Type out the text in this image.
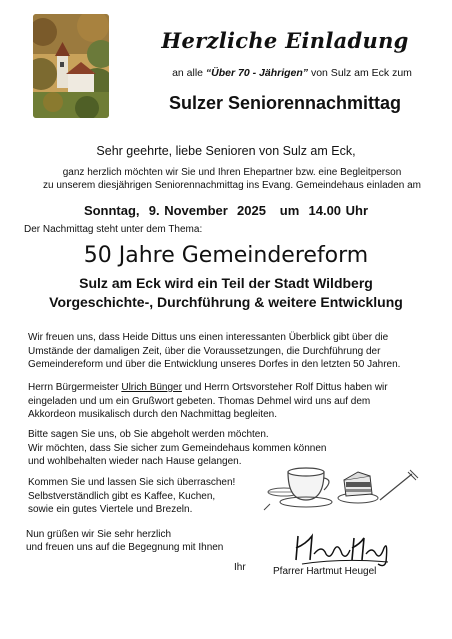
Herzliche Einladung
an alle “Über 70 - Jährigen” von Sulz am Eck zum
Sulzer Seniorennachmittag
Sehr geehrte, liebe Senioren von Sulz am Eck,
ganz herzlich möchten wir Sie und Ihren Ehepartner bzw. eine Begleitperson
zu unserem diesjährigen Seniorennachmittag ins Evang. Gemeindehaus einladen am
Sonntag,  9. November  2025   um  14.00 Uhr
Der Nachmittag steht unter dem Thema:
50 Jahre Gemeindereform
Sulz am Eck wird ein Teil der Stadt Wildberg
Vorgeschichte-, Durchführung & weitere Entwicklung
Wir freuen uns, dass Heide Dittus uns einen interessanten Überblick gibt über die
Umstände der damaligen Zeit, über die Voraussetzungen, die Durchführung der
Gemeindereform und über die Entwicklung unseres Dorfes in den letzten 50 Jahren.
Herrn Bürgermeister Ulrich Bünger und Herrn Ortsvorsteher Rolf Dittus haben wir
eingeladen und um ein Grußwort gebeten. Thomas Dehmel wird uns auf dem
Akkordeon musikalisch durch den Nachmittag begleiten.
Bitte sagen Sie uns, ob Sie abgeholt werden möchten.
Wir möchten, dass Sie sicher zum Gemeindehaus kommen können
und wohlbehalten wieder nach Hause gelangen.
Kommen Sie und lassen Sie sich überraschen!
Selbstverständlich gibt es Kaffee, Kuchen,
sowie ein gutes Viertele und Brezeln.
Nun grüßen wir Sie sehr herzlich
und freuen uns auf die Begegnung mit Ihnen
Ihr	Pfarrer Hartmut Heugel
